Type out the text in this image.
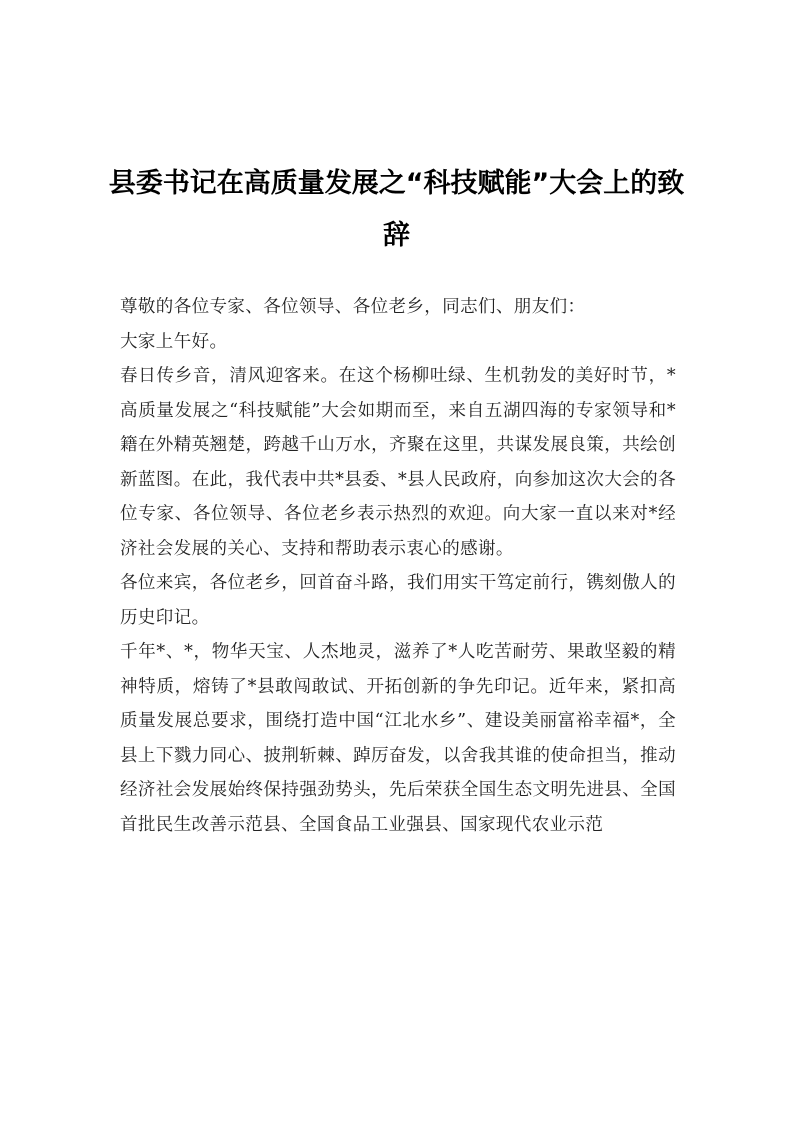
县委书记在高质量发展之“科技赋能”大会上的致辞

尊敬的各位专家、各位领导、各位老乡，同志们、朋友们：

大家上午好。

春日传乡音，清风迎客来。在这个杨柳吐绿、生机勃发的美好时节，*高质量发展之“科技赋能”大会如期而至，来自五湖四海的专家领导和*籍在外精英翘楚，跨越千山万水，齐聚在这里，共谋发展良策，共绘创新蓝图。在此，我代表中共*县委、*县人民政府，向参加这次大会的各位专家、各位领导、各位老乡表示热烈的欢迎。向大家一直以来对*经济社会发展的关心、支持和帮助表示衷心的感谢。

各位来宾，各位老乡，回首奋斗路，我们用实干笃定前行，镌刻傲人的历史印记。

千年*、*，物华天宝、人杰地灵，滋养了*人吃苦耐劳、果敢坚毅的精神特质，熔铸了*县敢闯敢试、开拓创新的争先印记。近年来，紧扣高质量发展总要求，围绕打造中国“江北水乡”、建设美丽富裕幸福*，全县上下戮力同心、披荆斩棘、踔厉奋发，以舍我其谁的使命担当，推动经济社会发展始终保持强劲势头，先后荣获全国生态文明先进县、全国首批民生改善示范县、全国食品工业强县、国家现代农业示范
